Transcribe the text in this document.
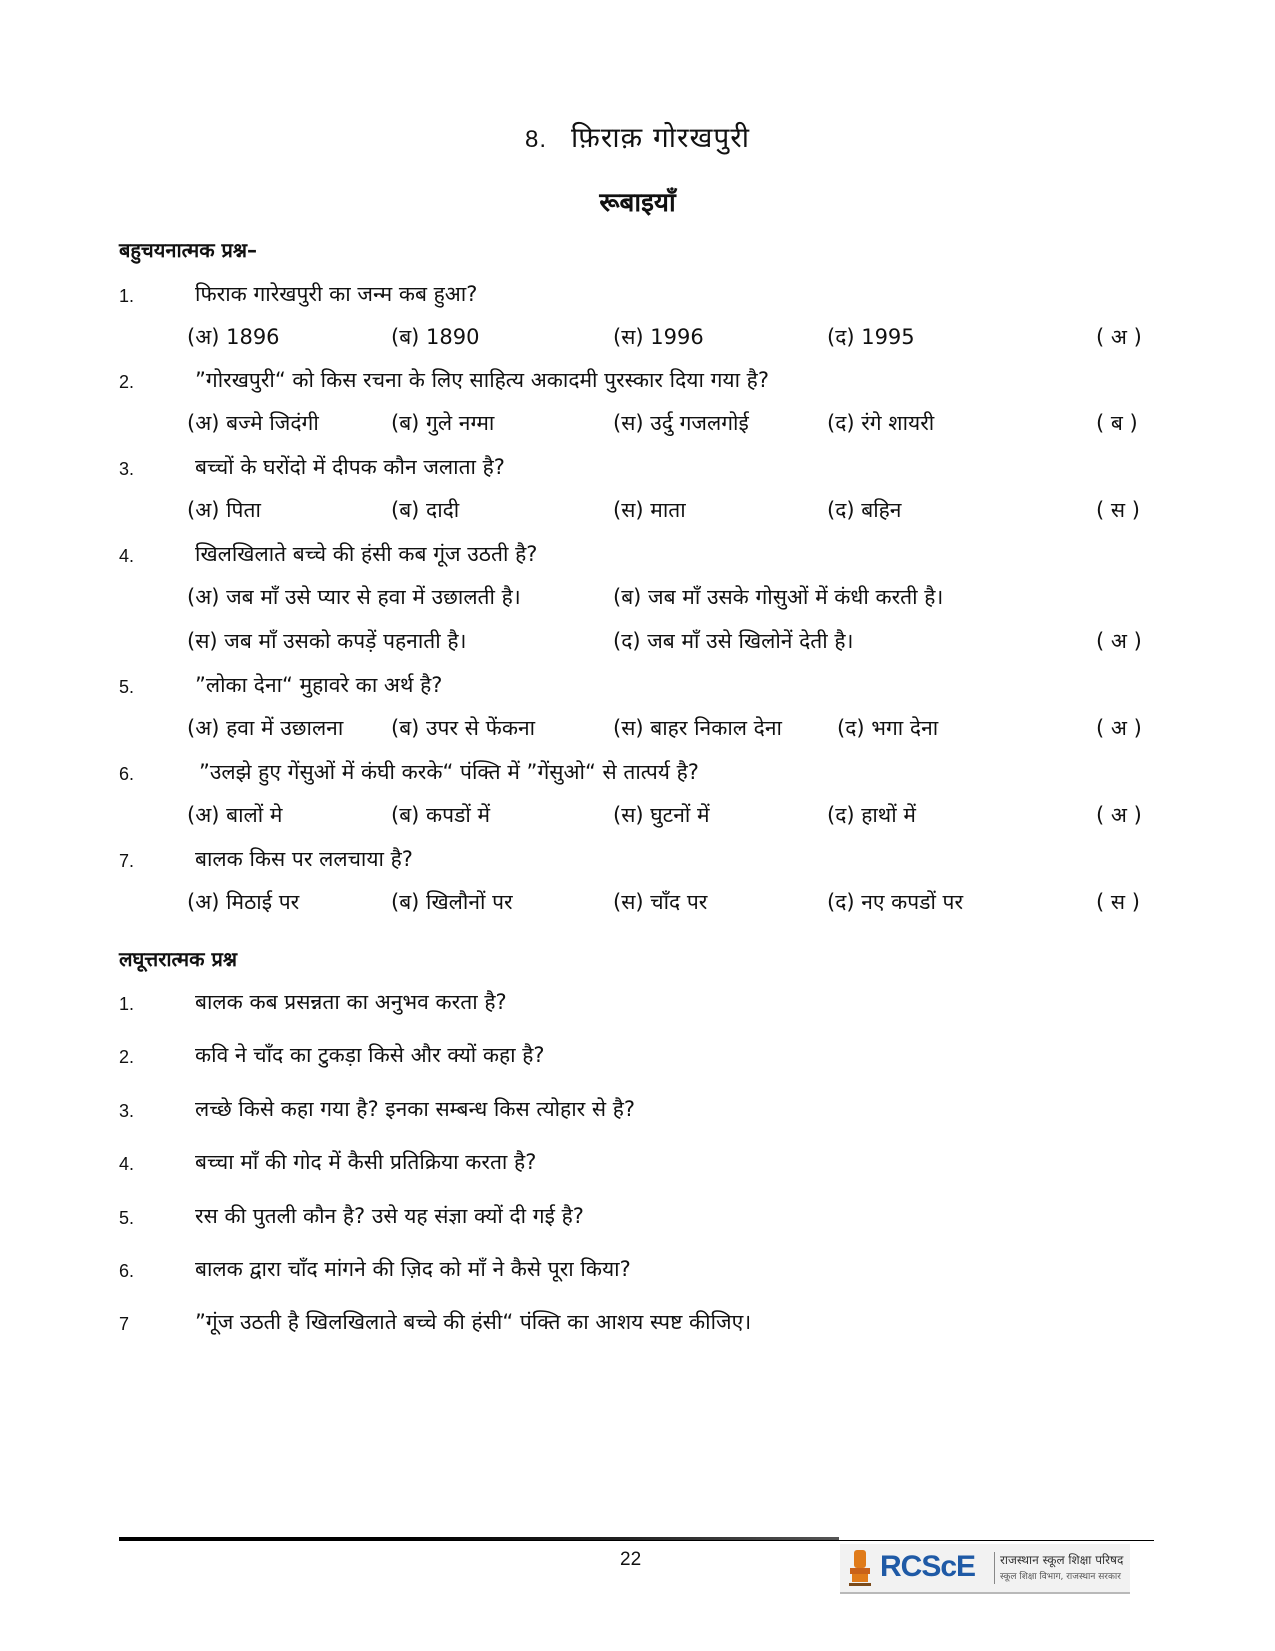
8. फ़िराक़ गोरखपुरी
रूबाइयाँ
बहुचयनात्मक प्रश्न–
1.	फिराक गारेखपुरी का जन्म कब हुआ?
(अ) 1896	(ब) 1890	(स) 1996	(द) 1995	( अ )
2.	”गोरखपुरी“ को किस रचना के लिए साहित्य अकादमी पुरस्कार दिया गया है?
(अ) बज्मे जिदंगी	(ब) गुले नग्मा	(स) उर्दु गजलगोई	(द) रंगे शायरी	( ब )
3.	बच्चों के घरोंदो में दीपक कौन जलाता है?
(अ) पिता	(ब) दादी	(स) माता	(द) बहिन	( स )
4.	खिलखिलाते बच्चे की हंसी कब गूंज उठती है?
(अ) जब माँ उसे प्यार से हवा में उछालती है।	(ब) जब माँ उसके गोसुओं में कंधी करती है।
(स) जब माँ उसको कपड़ें पहनाती है।	(द) जब माँ उसे खिलोनें देती है।	( अ )
5.	”लोका देना“ मुहावरे का अर्थ है?
(अ) हवा में उछालना (ब) उपर से फेंकना	(स) बाहर निकाल देना	(द) भगा देना	( अ )
6.	”उलझे हुए गेंसुओं में कंघी करके“ पंक्ति में ”गेंसुओ“ से तात्पर्य है?
(अ) बालों मे	(ब) कपडों में	(स) घुटनों में	(द) हाथों में	( अ )
7.	बालक किस पर ललचाया है?
(अ) मिठाई पर	(ब) खिलौनों पर	(स) चाँद पर	(द) नए कपडों पर	( स )
लघूत्तरात्मक प्रश्न
1.	बालक कब प्रसन्नता का अनुभव करता है?
2.	कवि ने चाँद का टुकड़ा किसे और क्यों कहा है?
3.	लच्छे किसे कहा गया है? इनका सम्बन्ध किस त्योहार से है?
4.	बच्चा माँ की गोद में कैसी प्रतिक्रिया करता है?
5.	रस की पुतली कौन है? उसे यह संज्ञा क्यों दी गई है?
6.	बालक द्वारा चाँद मांगने की ज़िद को माँ ने कैसे पूरा किया?
7	”गूंज उठती है खिलखिलाते बच्चे की हंसी“ पंक्ति का आशय स्पष्ट कीजिए।
22	RCScE राजस्थान स्कूल शिक्षा परिषद
स्कूल शिक्षा विभाग, राजस्थान सरकार
